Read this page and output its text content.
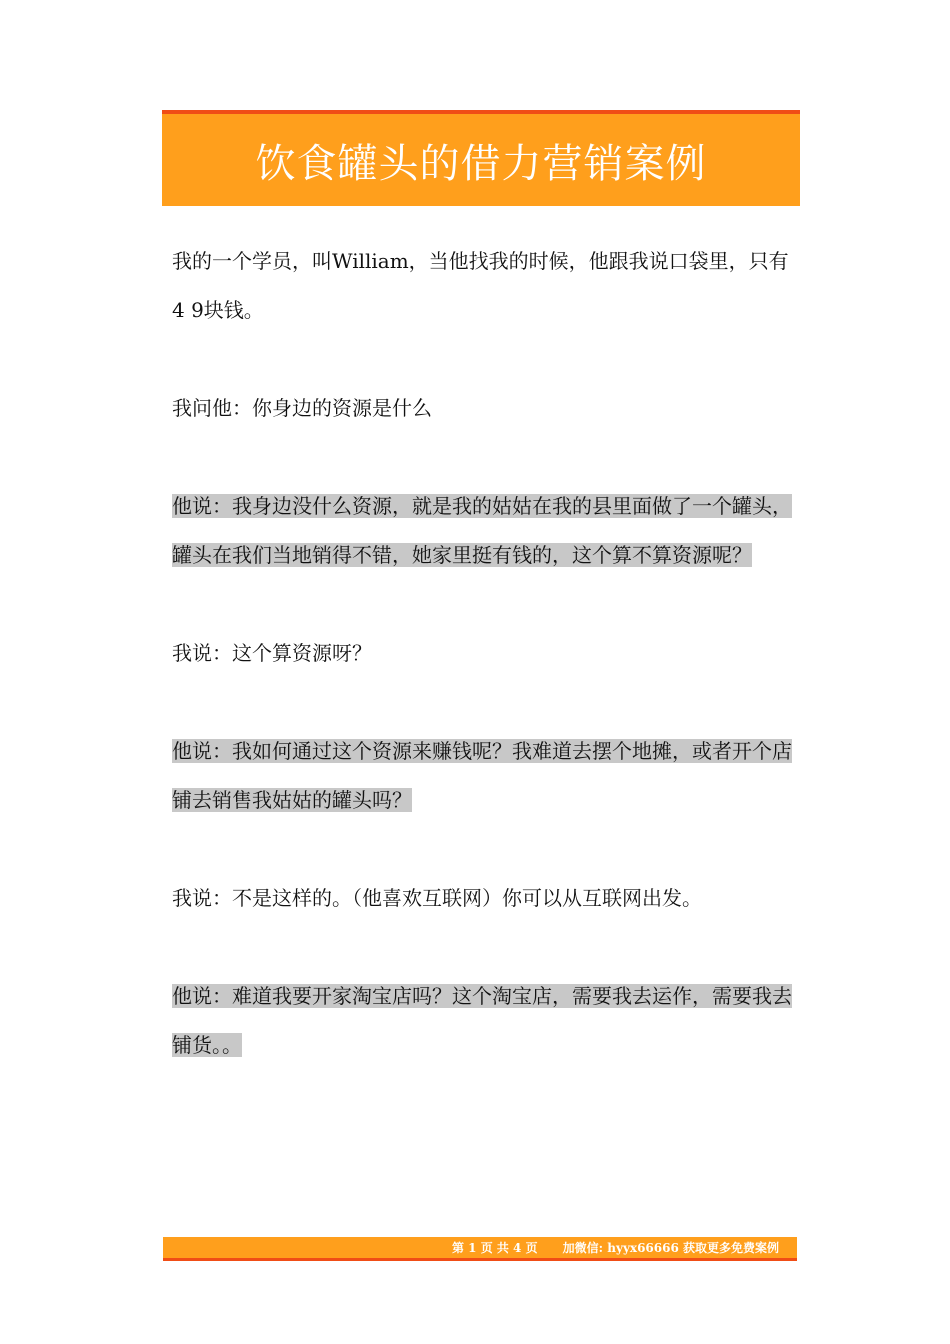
饮食罐头的借力营销案例

我的一个学员，叫William，当他找我的时候，他跟我说口袋里，只有4 9块钱。

我问他：你身边的资源是什么

他说：我身边没什么资源，就是我的姑姑在我的县里面做了一个罐头，罐头在我们当地销得不错，她家里挺有钱的，这个算不算资源呢？

我说：这个算资源呀？

他说：我如何通过这个资源来赚钱呢？我难道去摆个地摊，或者开个店铺去销售我姑姑的罐头吗？

我说：不是这样的。（他喜欢互联网）你可以从互联网出发。

他说：难道我要开家淘宝店吗？这个淘宝店，需要我去运作，需要我去铺货。。

第 1 页 共 4 页      加微信: hyyx66666 获取更多免费案例
